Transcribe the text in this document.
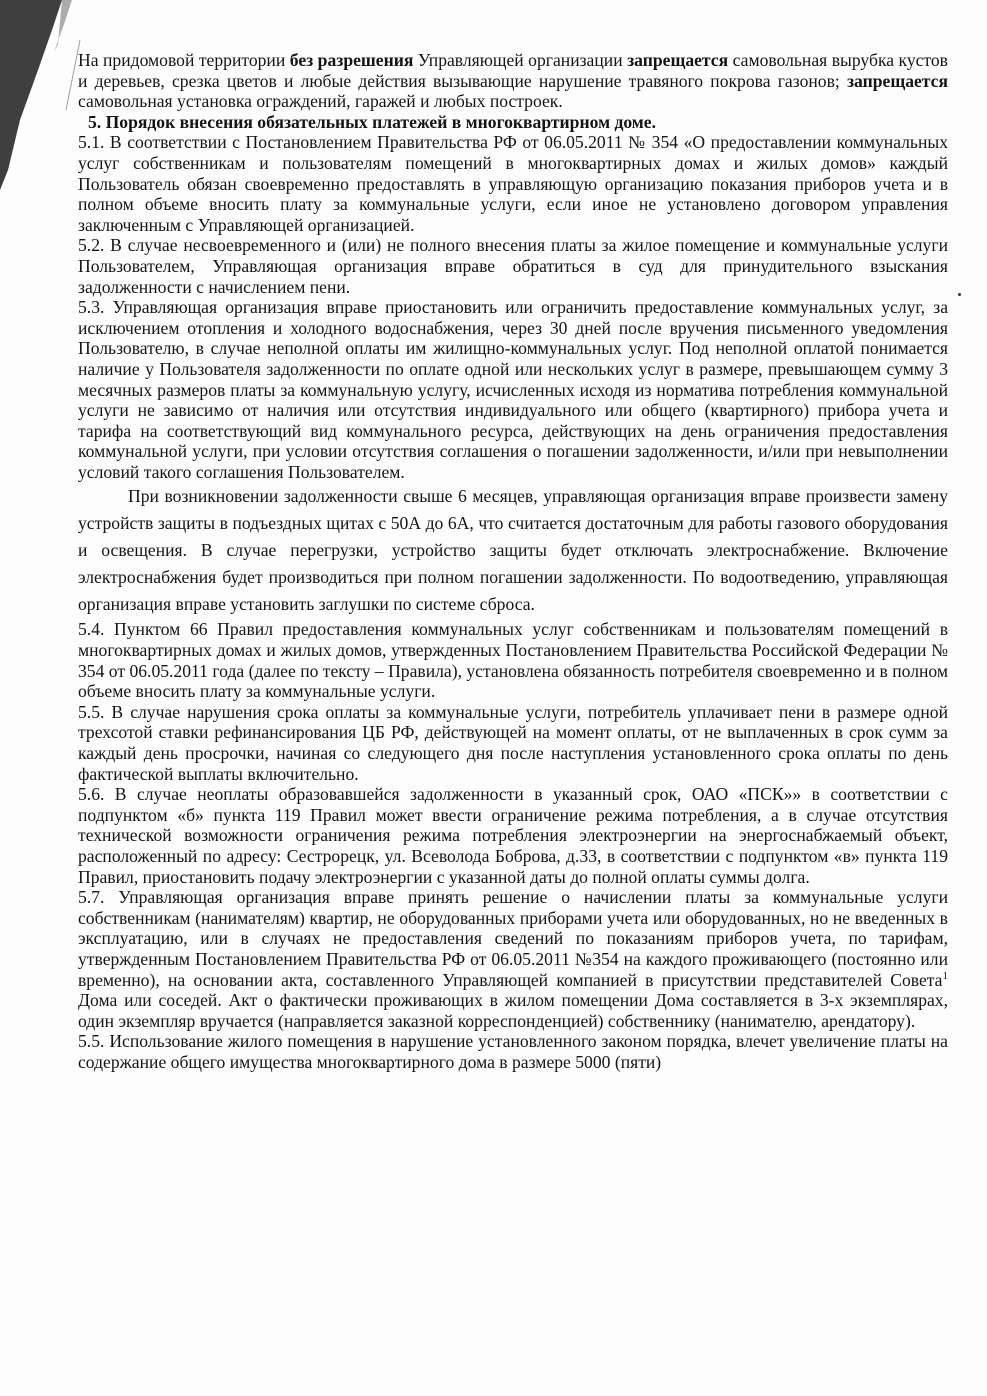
На придомовой территории без разрешения Управляющей организации запрещается самовольная вырубка кустов и деревьев, срезка цветов и любые действия вызывающие нарушение травяного покрова газонов; запрещается самовольная установка ограждений, гаражей и любых построек.

5. Порядок внесения обязательных платежей в многоквартирном доме.

5.1. В соответствии с Постановлением Правительства РФ от 06.05.2011 № 354 «О предоставлении коммунальных услуг собственникам и пользователям помещений в многоквартирных домах и жилых домов» каждый Пользователь обязан своевременно предоставлять в управляющую организацию показания приборов учета и в полном объеме вносить плату за коммунальные услуги, если иное не установлено договором управления заключенным с Управляющей организацией.

5.2. В случае несвоевременного и (или) не полного внесения платы за жилое помещение и коммунальные услуги Пользователем, Управляющая организация вправе обратиться в суд для принудительного взыскания задолженности с начислением пени.

5.3. Управляющая организация вправе приостановить или ограничить предоставление коммунальных услуг, за исключением отопления и холодного водоснабжения, через 30 дней после вручения письменного уведомления Пользователю, в случае неполной оплаты им жилищно-коммунальных услуг. Под неполной оплатой понимается наличие у Пользователя задолженности по оплате одной или нескольких услуг в размере, превышающем сумму 3 месячных размеров платы за коммунальную услугу, исчисленных исходя из норматива потребления коммунальной услуги не зависимо от наличия или отсутствия индивидуального или общего (квартирного) прибора учета и тарифа на соответствующий вид коммунального ресурса, действующих на день ограничения предоставления коммунальной услуги, при условии отсутствия соглашения о погашении задолженности, и/или при невыполнении условий такого соглашения Пользователем.

При возникновении задолженности свыше 6 месяцев, управляющая организация вправе произвести замену устройств защиты в подъездных щитах с 50А до 6А, что считается достаточным для работы газового оборудования и освещения. В случае перегрузки, устройство защиты будет отключать электроснабжение. Включение электроснабжения будет производиться при полном погашении задолженности. По водоотведению, управляющая организация вправе установить заглушки по системе сброса.

5.4. Пунктом 66 Правил предоставления коммунальных услуг собственникам и пользователям помещений в многоквартирных домах и жилых домов, утвержденных Постановлением Правительства Российской Федерации № 354 от 06.05.2011 года (далее по тексту – Правила), установлена обязанность потребителя своевременно и в полном объеме вносить плату за коммунальные услуги.

5.5. В случае нарушения срока оплаты за коммунальные услуги, потребитель уплачивает пени в размере одной трехсотой ставки рефинансирования ЦБ РФ, действующей на момент оплаты, от не выплаченных в срок сумм за каждый день просрочки, начиная со следующего дня после наступления установленного срока оплаты по день фактической выплаты включительно.

5.6. В случае неоплаты образовавшейся задолженности в указанный срок, ОАО «ПСК»» в соответствии с подпунктом «б» пункта 119 Правил может ввести ограничение режима потребления, а в случае отсутствия технической возможности ограничения режима потребления электроэнергии на энергоснабжаемый объект, расположенный по адресу: Сестрорецк, ул. Всеволода Боброва, д.33, в соответствии с подпунктом «в» пункта 119 Правил, приостановить подачу электроэнергии с указанной даты до полной оплаты суммы долга.

5.7. Управляющая организация вправе принять решение о начислении платы за коммунальные услуги собственникам (нанимателям) квартир, не оборудованных приборами учета или оборудованных, но не введенных в эксплуатацию, или в случаях не предоставления сведений по показаниям приборов учета, по тарифам, утвержденным Постановлением Правительства РФ от 06.05.2011 №354 на каждого проживающего (постоянно или временно), на основании акта, составленного Управляющей компанией в присутствии представителей Совета$^1$ Дома или соседей. Акт о фактически проживающих в жилом помещении Дома составляется в 3-х экземплярах, один экземпляр вручается (направляется заказной корреспонденцией) собственнику (нанимателю, арендатору).

5.5. Использование жилого помещения в нарушение установленного законом порядка, влечет увеличение платы на содержание общего имущества многоквартирного дома в размере 5000 (пяти)
